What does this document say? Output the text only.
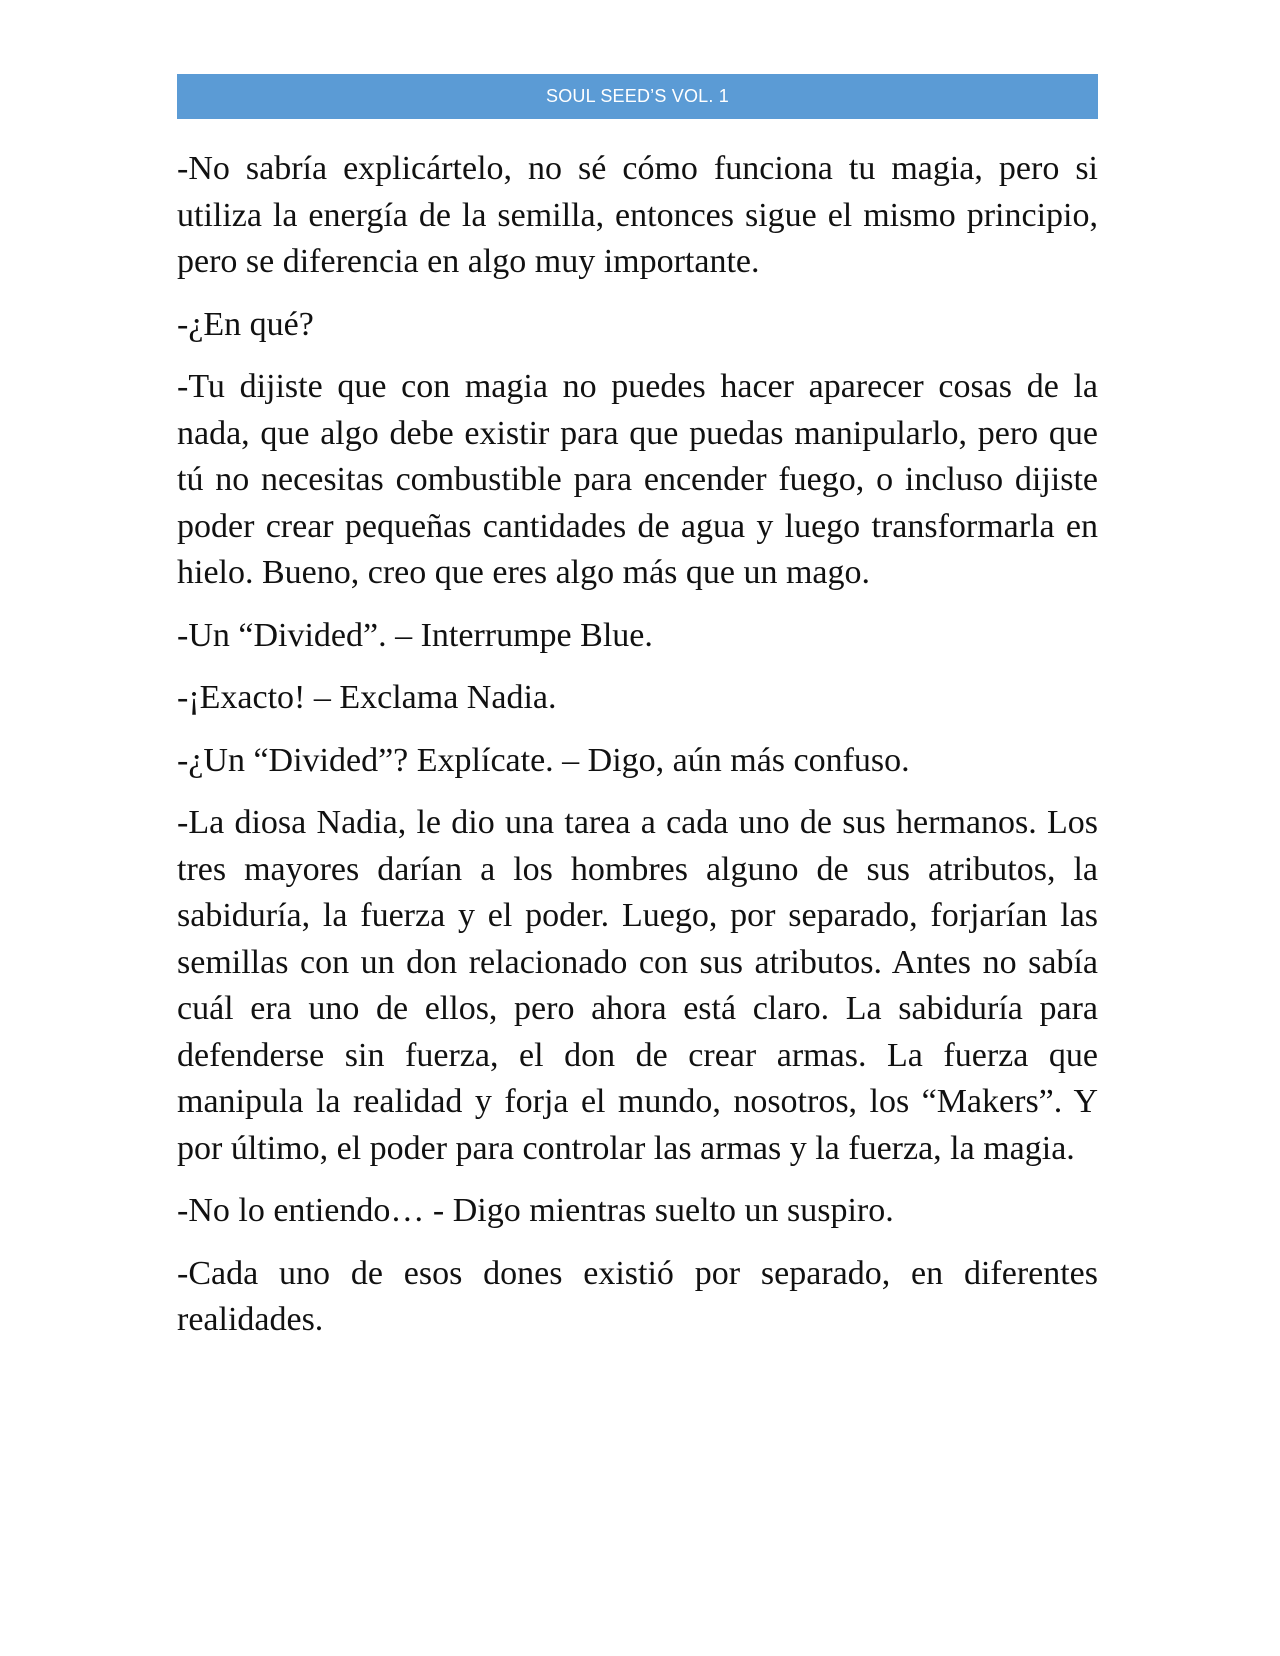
SOUL SEED’S VOL. 1

-No sabría explicártelo, no sé cómo funciona tu magia, pero si utiliza la energía de la semilla, entonces sigue el mismo principio, pero se diferencia en algo muy importante.

-¿En qué?

-Tu dijiste que con magia no puedes hacer aparecer cosas de la nada, que algo debe existir para que puedas manipularlo, pero que tú no necesitas combustible para encender fuego, o incluso dijiste poder crear pequeñas cantidades de agua y luego transformarla en hielo. Bueno, creo que eres algo más que un mago.

-Un “Divided”. – Interrumpe Blue.

-¡Exacto! – Exclama Nadia.

-¿Un “Divided”? Explícate. – Digo, aún más confuso.

-La diosa Nadia, le dio una tarea a cada uno de sus hermanos. Los tres mayores darían a los hombres alguno de sus atributos, la sabiduría, la fuerza y el poder. Luego, por separado, forjarían las semillas con un don relacionado con sus atributos. Antes no sabía cuál era uno de ellos, pero ahora está claro. La sabiduría para defenderse sin fuerza, el don de crear armas. La fuerza que manipula la realidad y forja el mundo, nosotros, los “Makers”. Y por último, el poder para controlar las armas y la fuerza, la magia.

-No lo entiendo… - Digo mientras suelto un suspiro.

-Cada uno de esos dones existió por separado, en diferentes realidades.
